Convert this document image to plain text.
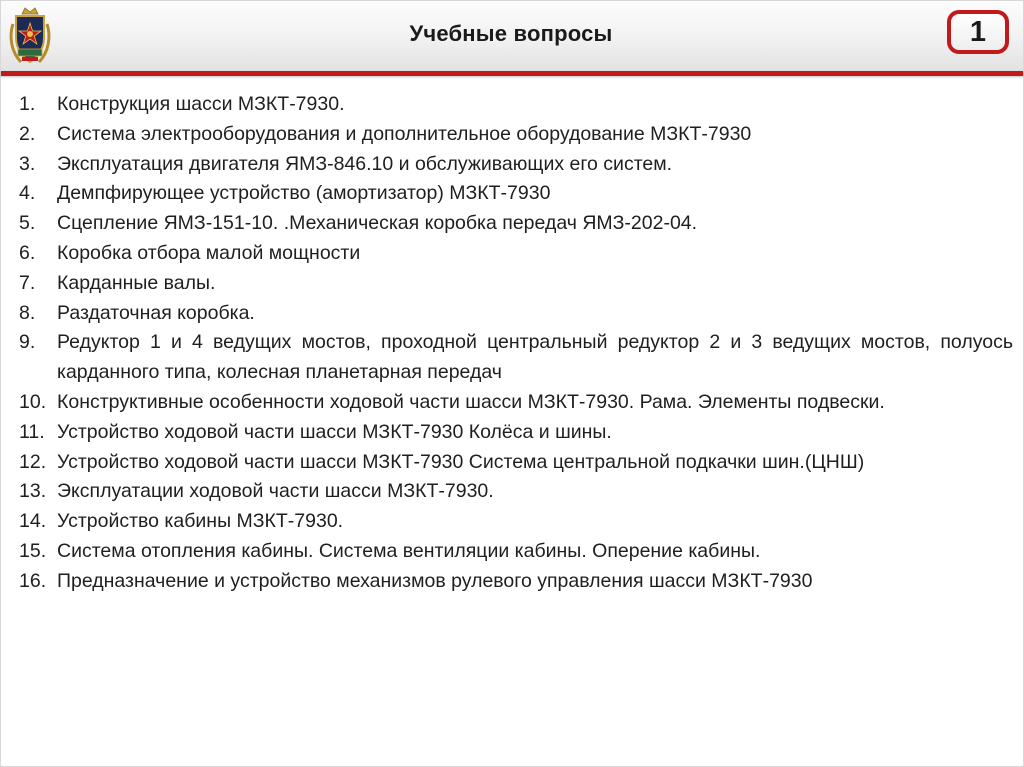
Учебные вопросы	1
1.	Конструкция шасси МЗКТ-7930.
2.	Система электрооборудования и дополнительное оборудование МЗКТ-7930
3.	Эксплуатация двигателя ЯМЗ-846.10 и обслуживающих его систем.
4.	Демпфирующее устройство (амортизатор) МЗКТ-7930
5.	Сцепление ЯМЗ-151-10. .Механическая коробка передач ЯМЗ-202-04.
6.	Коробка отбора малой мощности
7.	Карданные валы.
8.	Раздаточная коробка.
9.	Редуктор 1 и 4 ведущих мостов, проходной центральный редуктор 2 и 3 ведущих мостов, полуось карданного типа, колесная планетарная передач
10. Конструктивные особенности ходовой части шасси МЗКТ-7930. Рама. Элементы подвески.
11. Устройство ходовой части шасси МЗКТ-7930 Колёса и шины.
12. Устройство ходовой части шасси МЗКТ-7930 Система центральной подкачки шин.(ЦНШ)
13. Эксплуатации ходовой части шасси МЗКТ-7930.
14. Устройство кабины МЗКТ-7930.
15. Система отопления кабины. Система вентиляции кабины. Оперение кабины.
16. Предназначение и устройство механизмов рулевого управления шасси МЗКТ-7930
